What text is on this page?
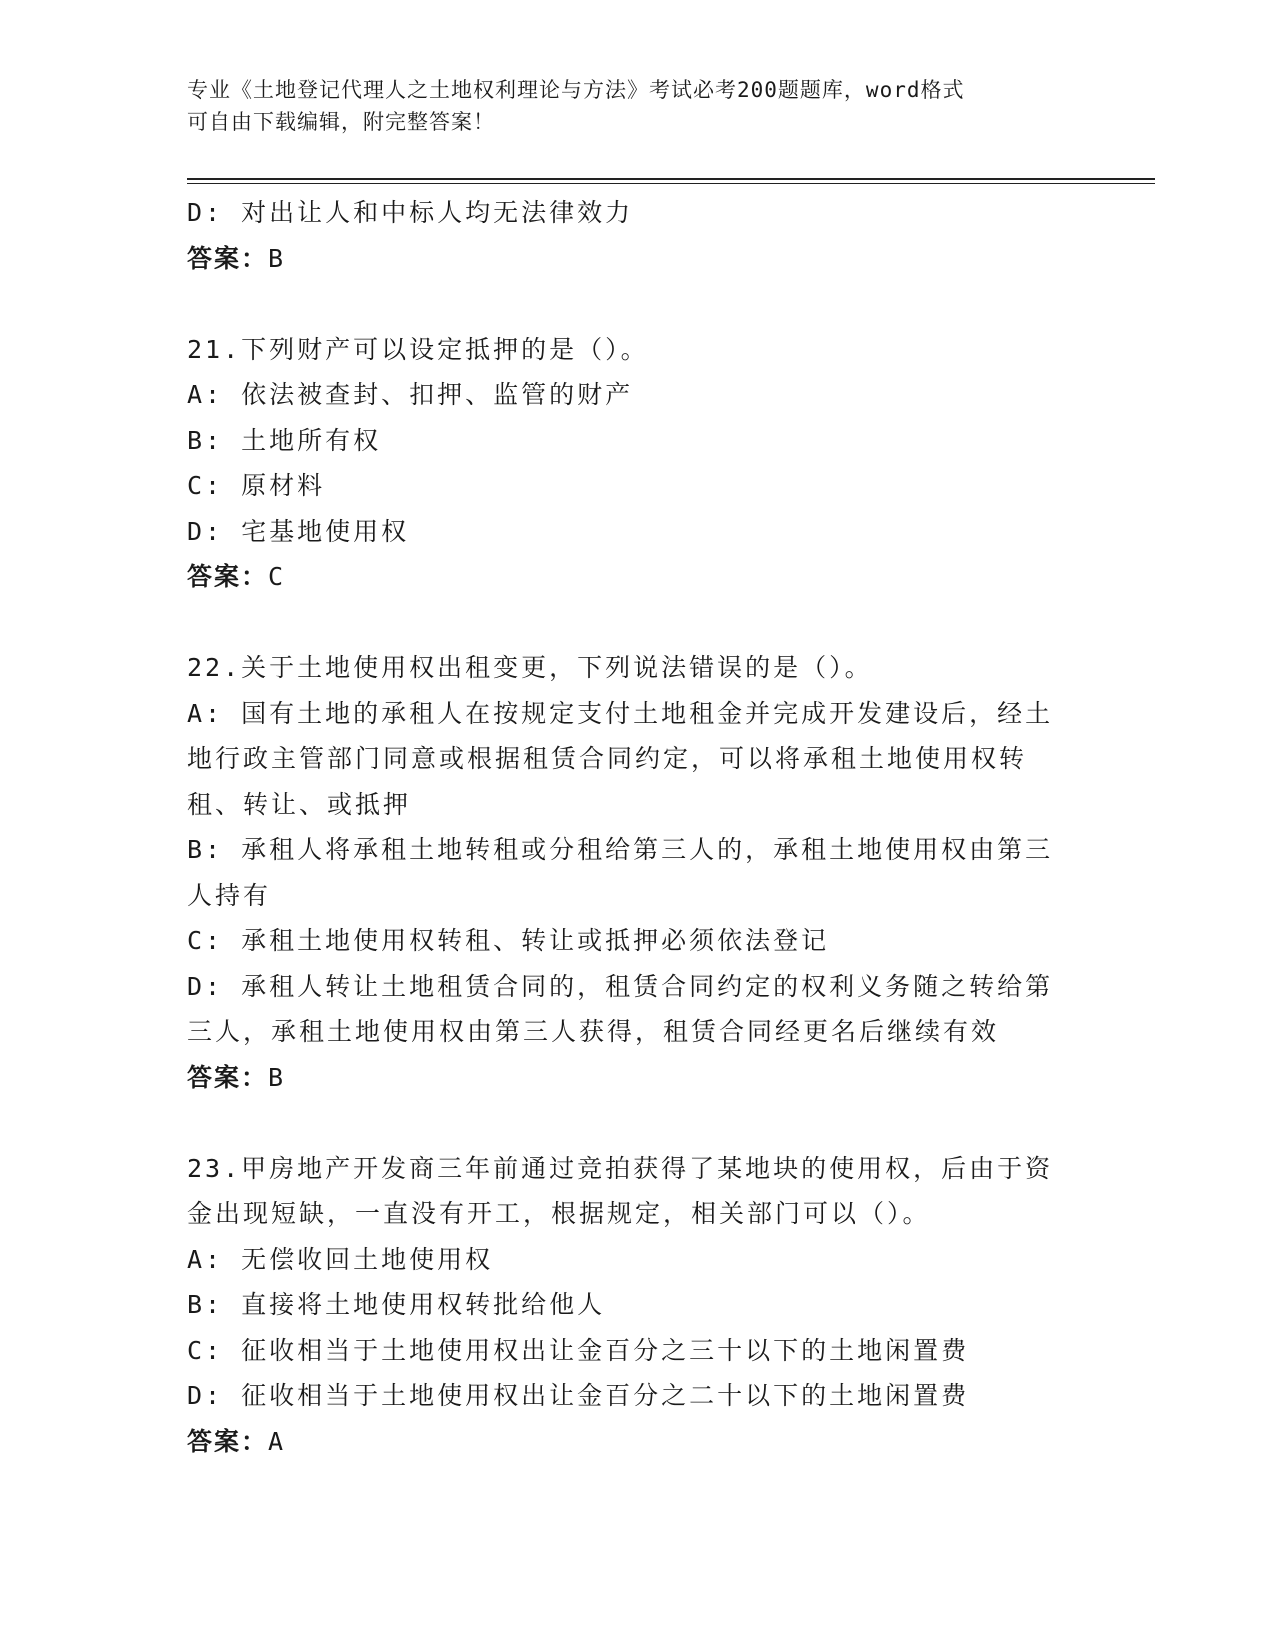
专业《土地登记代理人之土地权利理论与方法》考试必考200题题库，word格式
可自由下载编辑，附完整答案！
D: 对出让人和中标人均无法律效力
答案：B
21.下列财产可以设定抵押的是（）。
A: 依法被查封、扣押、监管的财产
B: 土地所有权
C: 原材料
D: 宅基地使用权
答案：C
22.关于土地使用权出租变更，下列说法错误的是（）。
A: 国有土地的承租人在按规定支付土地租金并完成开发建设后，经土
地行政主管部门同意或根据租赁合同约定，可以将承租土地使用权转
租、转让、或抵押
B: 承租人将承租土地转租或分租给第三人的，承租土地使用权由第三
人持有
C: 承租土地使用权转租、转让或抵押必须依法登记
D: 承租人转让土地租赁合同的，租赁合同约定的权利义务随之转给第
三人，承租土地使用权由第三人获得，租赁合同经更名后继续有效
答案：B
23.甲房地产开发商三年前通过竞拍获得了某地块的使用权，后由于资
金出现短缺，一直没有开工，根据规定，相关部门可以（）。
A: 无偿收回土地使用权
B: 直接将土地使用权转批给他人
C: 征收相当于土地使用权出让金百分之三十以下的土地闲置费
D: 征收相当于土地使用权出让金百分之二十以下的土地闲置费
答案：A
